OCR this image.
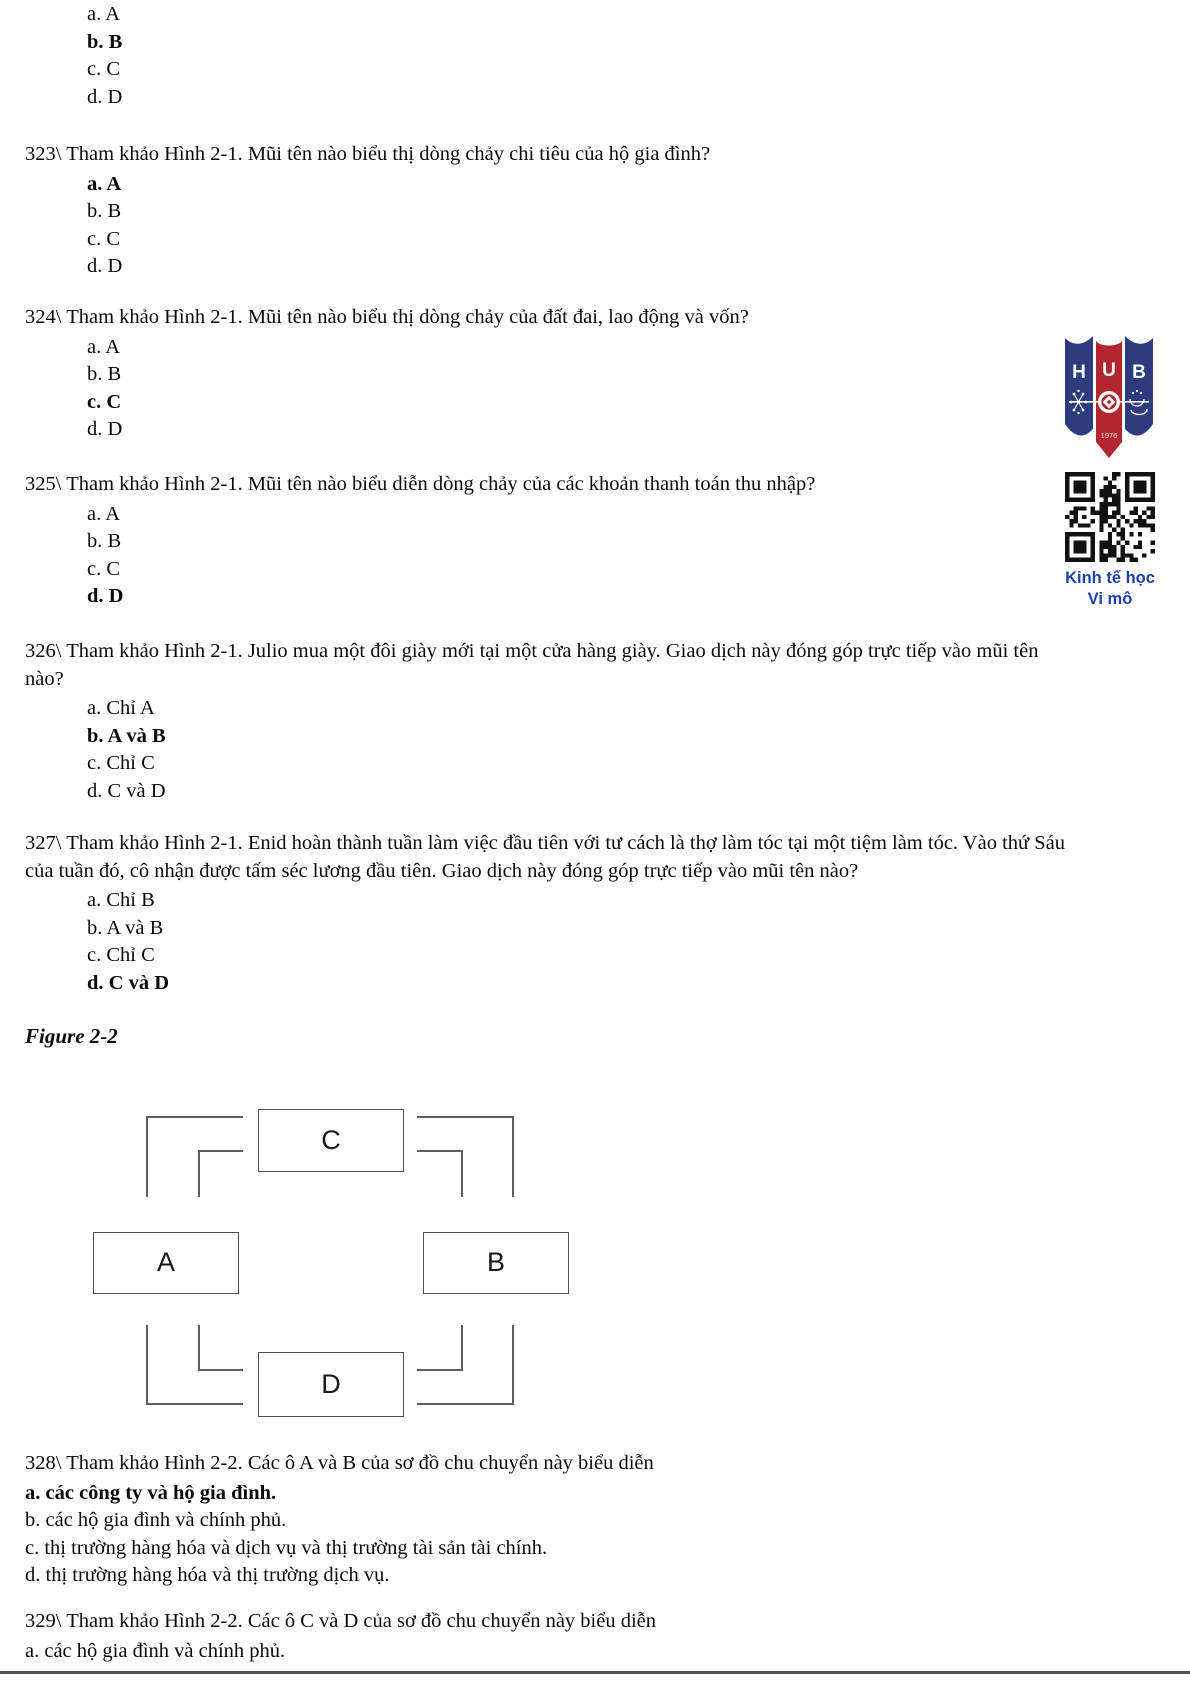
a. A
b. B
c. C
d. D
323\ Tham khảo Hình 2-1. Mũi tên nào biểu thị dòng chảy chi tiêu của hộ gia đình?
a. A
b. B
c. C
d. D
324\ Tham khảo Hình 2-1. Mũi tên nào biểu thị dòng chảy của đất đai, lao động và vốn?
a. A
b. B
c. C
d. D
325\ Tham khảo Hình 2-1. Mũi tên nào biểu diễn dòng chảy của các khoản thanh toán thu nhập?
a. A
b. B
c. C
d. D
326\ Tham khảo Hình 2-1. Julio mua một đôi giày mới tại một cửa hàng giày. Giao dịch này đóng góp trực tiếp vào mũi tên nào?
a. Chỉ A
b. A và B
c. Chỉ C
d. C và D
327\ Tham khảo Hình 2-1. Enid hoàn thành tuần làm việc đầu tiên với tư cách là thợ làm tóc tại một tiệm làm tóc. Vào thứ Sáu của tuần đó, cô nhận được tấm séc lương đầu tiên. Giao dịch này đóng góp trực tiếp vào mũi tên nào?
a. Chỉ B
b. A và B
c. Chỉ C
d. C và D
Figure 2-2
C
A	B
D
328\ Tham khảo Hình 2-2. Các ô A và B của sơ đồ chu chuyển này biểu diễn
a. các công ty và hộ gia đình.
b. các hộ gia đình và chính phủ.
c. thị trường hàng hóa và dịch vụ và thị trường tài sản tài chính.
d. thị trường hàng hóa và thị trường dịch vụ.
329\ Tham khảo Hình 2-2. Các ô C và D của sơ đồ chu chuyển này biểu diễn
a. các hộ gia đình và chính phủ.
H U B
1976
Kinh tế học
Vi mô
